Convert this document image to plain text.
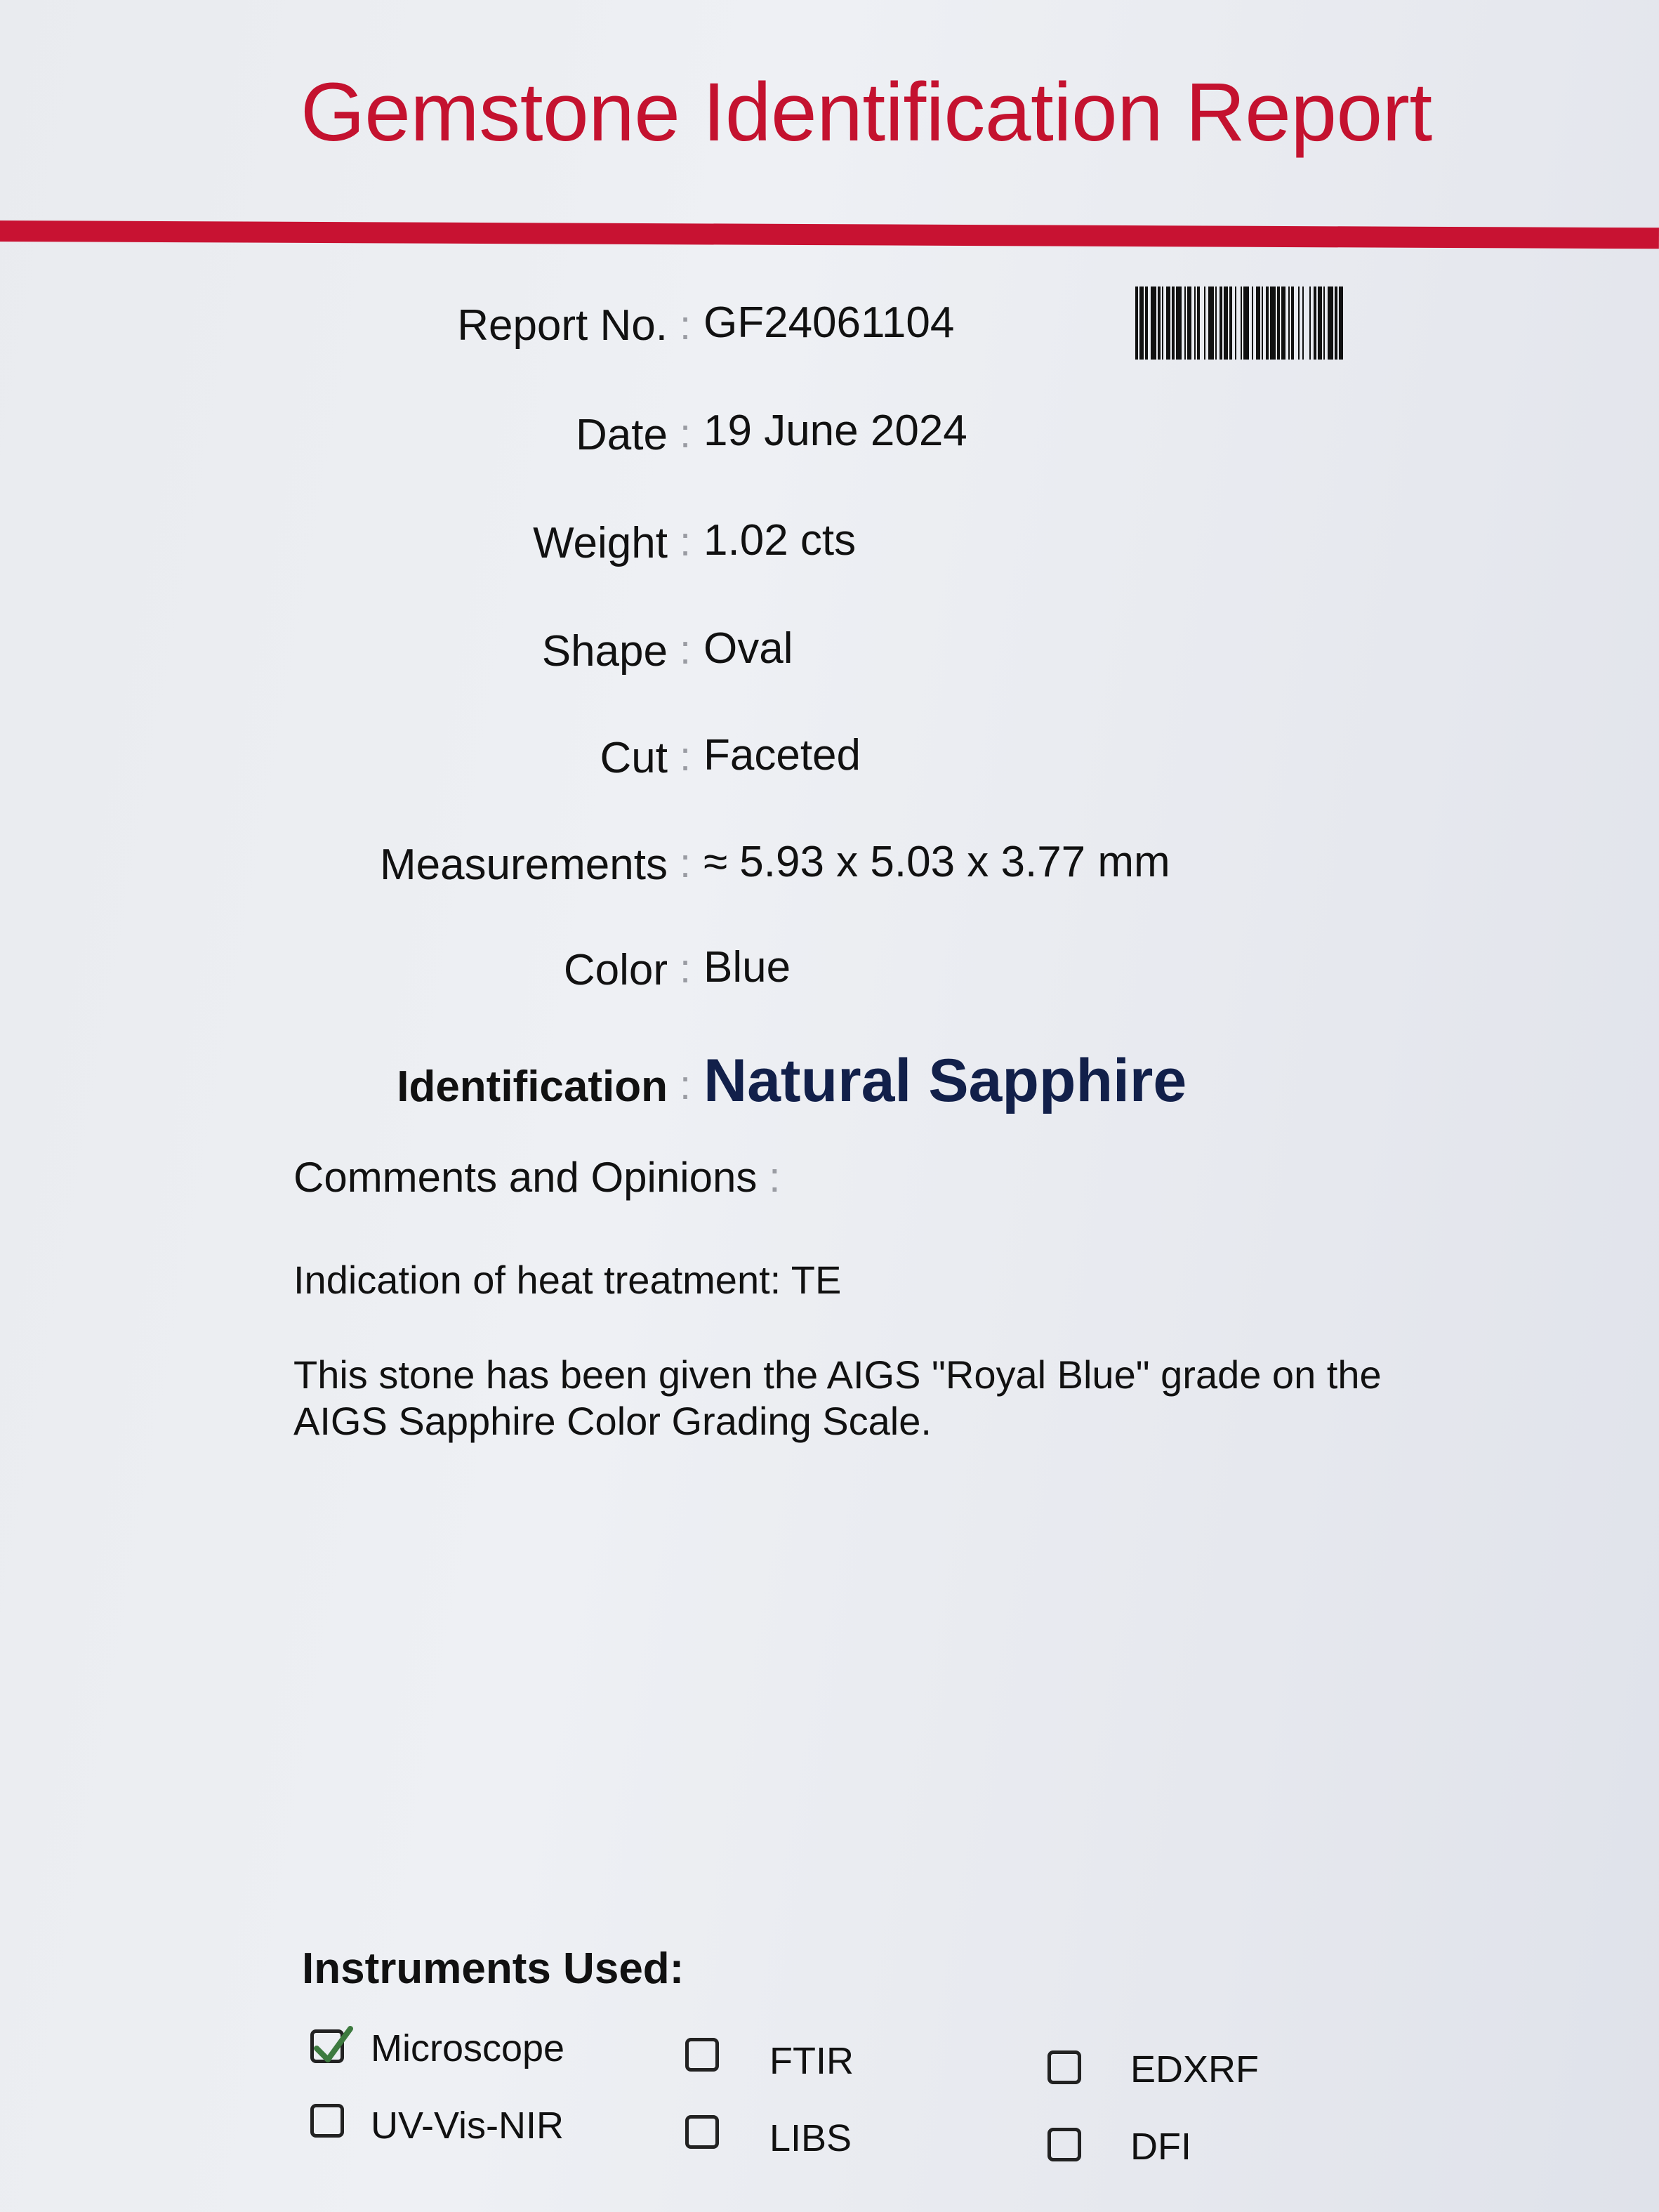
Gemstone Identification Report
Report No. : GF24061104
Date : 19 June 2024
Weight : 1.02 cts
Shape : Oval
Cut : Faceted
Measurements : ≈ 5.93 x 5.03 x 3.77 mm
Color : Blue
Identification : Natural Sapphire
Comments and Opinions :
Indication of heat treatment: TE
This stone has been given the AIGS "Royal Blue" grade on the
AIGS Sapphire Color Grading Scale.
Instruments Used:
Microscope	FTIR	EDXRF
UV-Vis-NIR	LIBS	DFI
